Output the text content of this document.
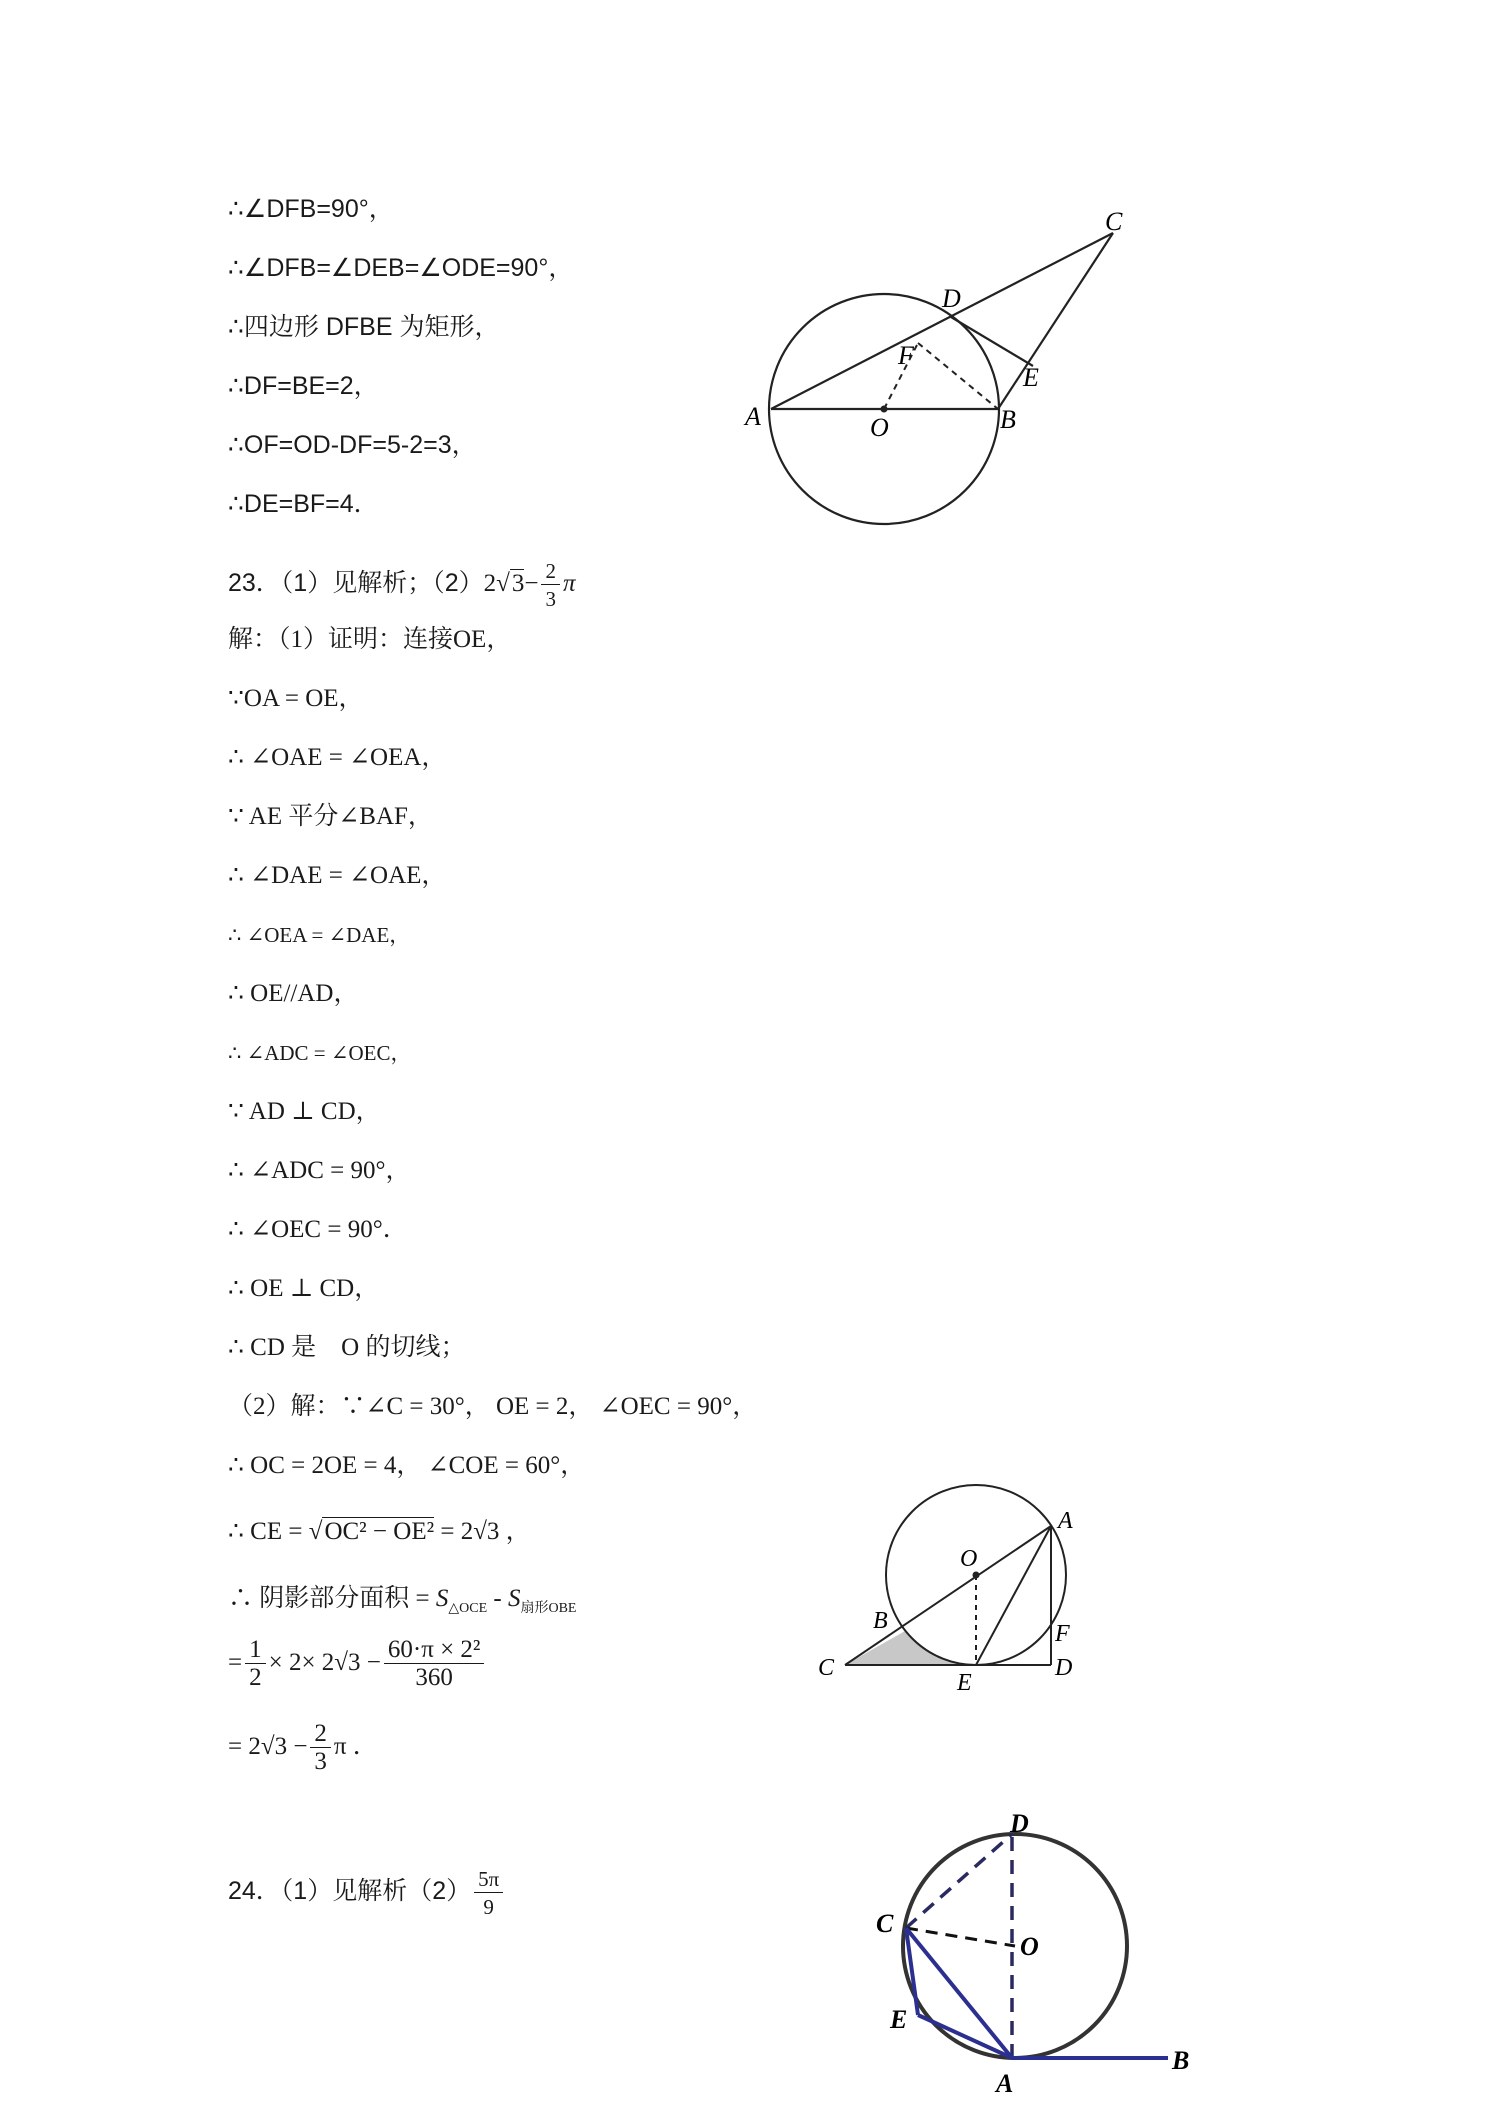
∴∠DFB=90°，
∴∠DFB=∠DEB=∠ODE=90°，
∴四边形 DFBE 为矩形，
∴DF=BE=2，
∴OF=OD-DF=5-2=3，
∴DE=BF=4．
23．（1）见解析；$(2)2√3- \frac{2}{3}$ π
解：（1）证明：连接OE，
∵OA = OE，
∴ ∠OAE = ∠OEA，
∵ AE 平分∠BAF，
∴ ∠DAE = ∠OAE，
∴ ∠OEA = ∠DAE，
∴ OE//AD，
∴ ∠ADC = ∠OEC，
∵ AD ⊥ CD，
∴ ∠ADC = 90°，
∴ ∠OEC = 90°．
∴ OE ⊥ CD，
∴ CD 是　O 的切线；
（2）解：∵∠C = 30°， OE = 2， ∠OEC = 90°，
∴ OC = 2OE = 4， ∠COE = 60°，
∴ CE = √OC² − OE² = 2√3 ，
∴ 阴影部分面积 = $S_{\triangle OCE} - S_{扇形OBE}$
= $\frac{1}{2} \times 2\times 2√3 - \frac{\text{60·π × 2²}}{360}$
= $2√3 - \frac{2}{3}$ π ．
24．（1）见解析$(2) \frac{5\pi}{9}$
C
D
F
E
A	O	B
A
O
B	F
C
E
D
D
C
O
E
A
B
